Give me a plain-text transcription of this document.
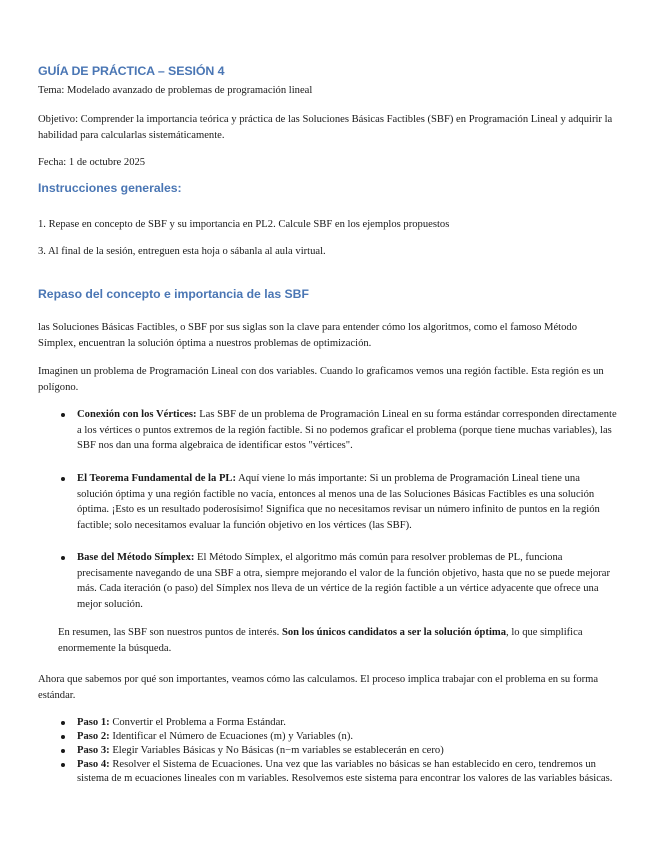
GUÍA DE PRÁCTICA – SESIÓN 4

Tema: Modelado avanzado de problemas de programación lineal

Objetivo: Comprender la importancia teórica y práctica de las Soluciones Básicas Factibles (SBF) en Programación Lineal y adquirir la habilidad para calcularlas sistemáticamente.

Fecha: 1 de octubre 2025

Instrucciones generales:

1. Repase en concepto de SBF y su importancia en PL2. Calcule SBF en los ejemplos propuestos

3. Al final de la sesión, entreguen esta hoja o sábanla al aula virtual.

Repaso del concepto e importancia de las SBF

las Soluciones Básicas Factibles, o SBF por sus siglas son la clave para entender cómo los algoritmos, como el famoso Método Símplex, encuentran la solución óptima a nuestros problemas de optimización.

Imaginen un problema de Programación Lineal con dos variables. Cuando lo graficamos vemos una región factible. Esta región es un polígono.

Conexión con los Vértices: Las SBF de un problema de Programación Lineal en su forma estándar corresponden directamente a los vértices o puntos extremos de la región factible. Si no podemos graficar el problema (porque tiene muchas variables), las SBF nos dan una forma algebraica de identificar estos "vértices".
El Teorema Fundamental de la PL: Aquí viene lo más importante: Si un problema de Programación Lineal tiene una solución óptima y una región factible no vacía, entonces al menos una de las Soluciones Básicas Factibles es una solución óptima. ¡Esto es un resultado poderosísimo! Significa que no necesitamos revisar un número infinito de puntos en la región factible; solo necesitamos evaluar la función objetivo en los vértices (las SBF).
Base del Método Símplex: El Método Símplex, el algoritmo más común para resolver problemas de PL, funciona precisamente navegando de una SBF a otra, siempre mejorando el valor de la función objetivo, hasta que no se puede mejorar más. Cada iteración (o paso) del Símplex nos lleva de un vértice de la región factible a un vértice adyacente que ofrece una mejor solución.

En resumen, las SBF son nuestros puntos de interés. Son los únicos candidatos a ser la solución óptima, lo que simplifica enormemente la búsqueda.

Ahora que sabemos por qué son importantes, veamos cómo las calculamos. El proceso implica trabajar con el problema en su forma estándar.

Paso 1: Convertir el Problema a Forma Estándar.
Paso 2: Identificar el Número de Ecuaciones (m) y Variables (n).
Paso 3: Elegir Variables Básicas y No Básicas (n−m variables se establecerán en cero)
Paso 4: Resolver el Sistema de Ecuaciones. Una vez que las variables no básicas se han establecido en cero, tendremos un sistema de m ecuaciones lineales con m variables. Resolvemos este sistema para encontrar los valores de las variables básicas.
